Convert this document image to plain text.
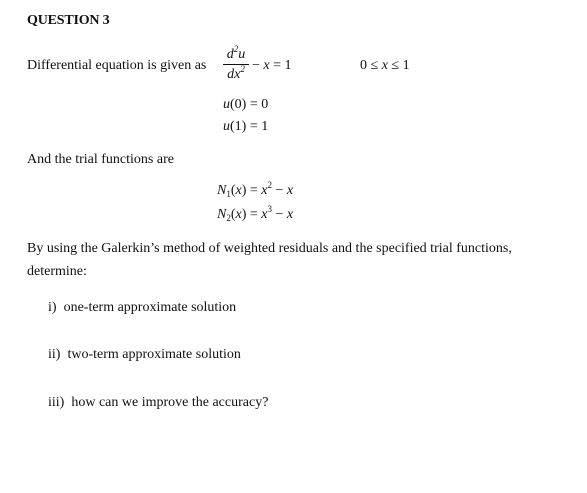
QUESTION 3
Differential equation is given as
$d^2u$
$dx^2 - x = 1$	0 ≤ x ≤ 1
u(0) = 0
u(1) = 1
And the trial functions are
$N_1(x) = x^2 - x$
$N_2(x) = x^3 - x$
By using the Galerkin’s method of weighted residuals and the specified trial functions,
determine:
i) one-term approximate solution
ii) two-term approximate solution
iii) how can we improve the accuracy?
